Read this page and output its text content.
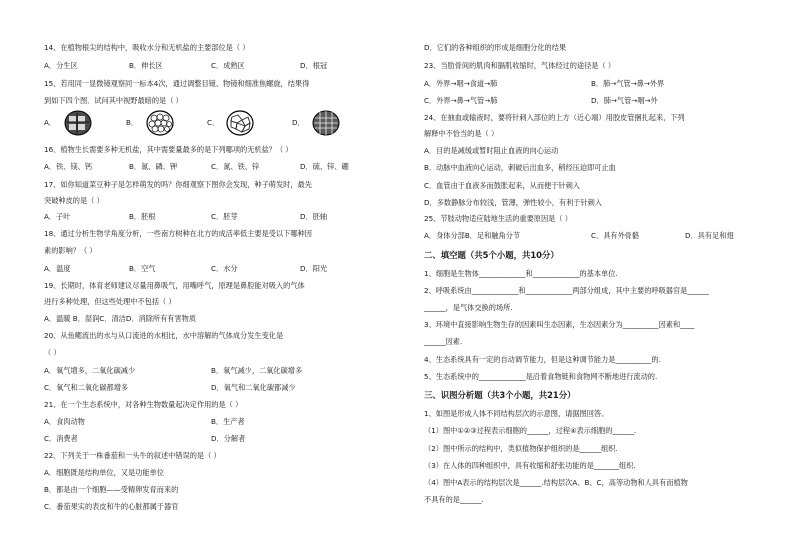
14、在植物根尖的结构中，吸收水分和无机盐的主要部位是（ ）
A．分生区	B．伸长区	C．成熟区	D．根冠
15、若用同一显微镜观察同一标本4次，通过调整目镜、物镜和细准焦螺旋，结果得
到如下四个图．试问其中视野最暗的是（ ）
A．	B．	C．	D．
16、植物生长需要多种无机盐，其中需要量最多的是下列哪项的无机盐？（ ）
A．铁、镁、钙	B．氮、磷、钾	C．氮、铁、锌	D．硫、锌、硼
17、如你知道菜豆种子是怎样萌发的吗？你细观察下图你会发现，种子萌发时，最先
突破种皮的是（ ）
A．子叶	B．胚根	C．胚芽	D．胚轴
18、通过分析生物学角度分析，一些南方树种在北方的成活率低主要是受以下哪种因
素的影响？（ ）
A．温度	B．空气	C．水分	D．阳光
19、长期时，体育老师建议尽量用鼻吸气，用嘴呼气，原理是鼻腔能对吸入的气体
进行多种处理，但这些处理中不包括（ ）
A．温暖 B．湿润C．清洁D．消除所有有害物质
20、从鱼鳃流出的水与从口流进的水相比，水中溶解的气体成分发生变化是
（ ）
A．氧气增多，二氧化碳减少	B．氧气减少，二氧化碳增多
C．氧气和二氧化碳都增多	D．氧气和二氧化碳都减少
21、在一个生态系统中，对各种生物数量起决定作用的是（ ）
A．食肉动物	B．生产者
C．消费者	D．分解者
22、下列关于一株番茄和一头牛的叙述中错误的是（ ）
A．细胞既是结构单位，又是功能单位
B．都是由一个细胞——受精卵发育而来的
C．番茄果实的表皮和牛的心脏都属于器官
D．它们的各种组织的形成是细胞分化的结果
23、当肋骨间的肌肉和膈肌收缩时，气体经过的途径是（ ）
A．外界→咽→食道→肺	B．肺→气管→鼻→外界
C．外界→鼻→气管→肺	D．肺→气管→咽→外
24、在抽血或输液时，要将针刺入部位的上方（近心端）用胶皮管捆扎起来，下列
解释中不恰当的是（ ）
A．目的是减缓或暂时阻止血液的向心运动
B．动脉中血液向心运动，刺破后出血多，稍经压迫即可止血
C．血管由于血液多而鼓胀起来，从而便于针刺入
D．多数静脉分布较浅，管薄，弹性较小，有利于针刺入
25、节肢动物适应陆地生活的重要原因是（ ）
A．身体分部B．足和触角分节	C．具有外骨骼	D．具有足和翅
二、填空题（共5个小题，共10分）
1、细胞是生物体_____________和_____________的基本单位.
2、呼吸系统由_____________和_____________两部分组成，其中主要的呼吸器官是______
______，是气体交换的场所.
3、环境中直接影响生物生存的因素叫生态因素，生态因素分为__________因素和____
______因素.
4、生态系统具有一定的自动调节能力，但是这种调节能力是__________的.
5、生态系统中的_____________是沿着食物链和食物网不断地进行流动的.
三、识图分析题（共3个小题，共21分）
1、如图是形成人体不同结构层次的示意图，请据图回答。
（1）图中①②③过程表示细胞的______，过程④表示细胞的______.
（2）图中所示的结构中，类似植物保护组织的是______组织.
（3）在人体的四种组织中，具有收缩和舒张功能的是_______组织.
（4）图中A表示的结构层次是______.结构层次A、B、C，高等动物和人具有而植物
不具有的是______.
